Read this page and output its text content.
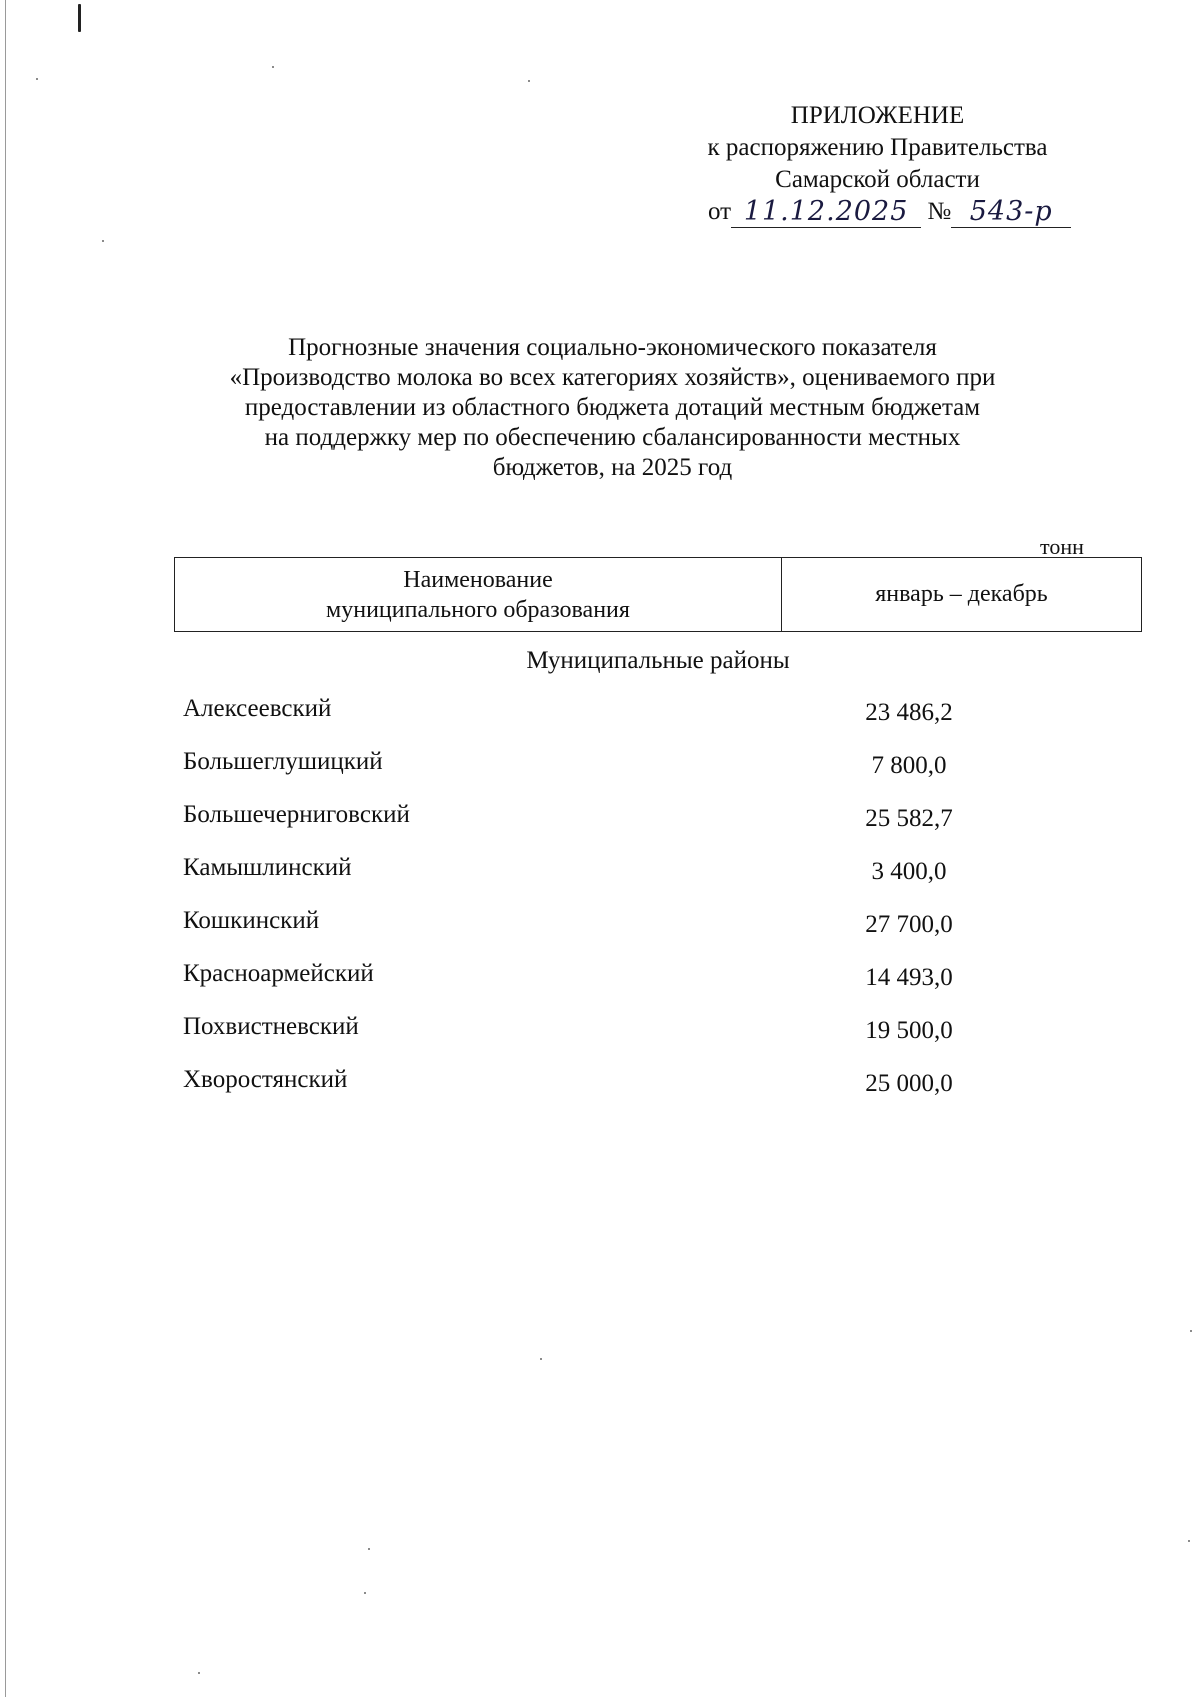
ПРИЛОЖЕНИЕ
к распоряжению Правительства
Самарской области
от 11.12.2025 № 543-р
Прогнозные значения социально-экономического показателя
«Производство молока во всех категориях хозяйств», оцениваемого при
предоставлении из областного бюджета дотаций местным бюджетам
на поддержку мер по обеспечению сбалансированности местных
бюджетов, на 2025 год
тонн
Наименование
муниципального образования
январь – декабрь
Муниципальные районы
Алексеевский	23 486,2
Большеглушицкий	7 800,0
Большечерниговский	25 582,7
Камышлинский	3 400,0
Кошкинский	27 700,0
Красноармейский	14 493,0
Похвистневский	19 500,0
Хворостянский	25 000,0
